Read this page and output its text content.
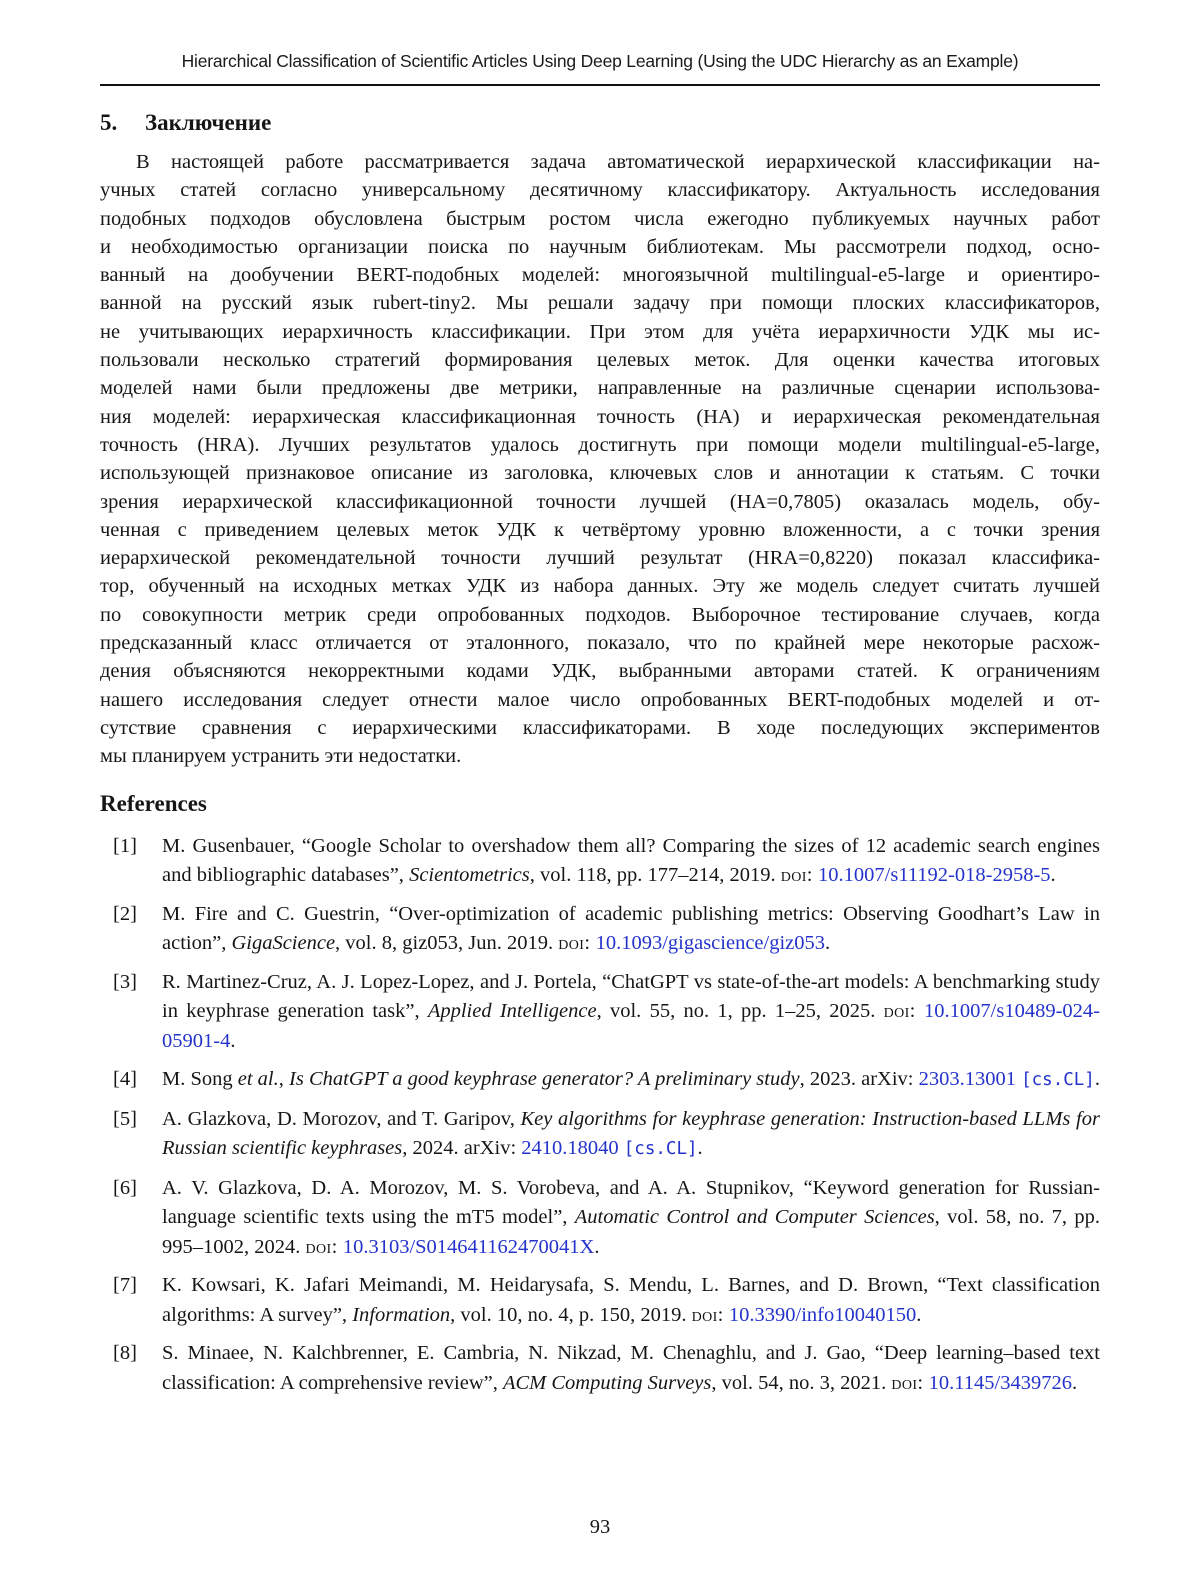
Hierarchical Classification of Scientific Articles Using Deep Learning (Using the UDC Hierarchy as an Example)
5. Заключение
В настоящей работе рассматривается задача автоматической иерархической классификации на-
учных статей согласно универсальному десятичному классификатору. Актуальность исследования
подобных подходов обусловлена быстрым ростом числа ежегодно публикуемых научных работ
и необходимостью организации поиска по научным библиотекам. Мы рассмотрели подход, осно-
ванный на дообучении BERT-подобных моделей: многоязычной multilingual-e5-large и ориентиро-
ванной на русский язык rubert-tiny2. Мы решали задачу при помощи плоских классификаторов,
не учитывающих иерархичность классификации. При этом для учёта иерархичности УДК мы ис-
пользовали несколько стратегий формирования целевых меток. Для оценки качества итоговых
моделей нами были предложены две метрики, направленные на различные сценарии использова-
ния моделей: иерархическая классификационная точность (HA) и иерархическая рекомендательная
точность (HRA). Лучших результатов удалось достигнуть при помощи модели multilingual-e5-large,
использующей признаковое описание из заголовка, ключевых слов и аннотации к статьям. С точки
зрения иерархической классификационной точности лучшей (HA=0,7805) оказалась модель, обу-
ченная с приведением целевых меток УДК к четвёртому уровню вложенности, а с точки зрения
иерархической рекомендательной точности лучший результат (HRA=0,8220) показал классифика-
тор, обученный на исходных метках УДК из набора данных. Эту же модель следует считать лучшей
по совокупности метрик среди опробованных подходов. Выборочное тестирование случаев, когда
предсказанный класс отличается от эталонного, показало, что по крайней мере некоторые расхож-
дения объясняются некорректными кодами УДК, выбранными авторами статей. К ограничениям
нашего исследования следует отнести малое число опробованных BERT-подобных моделей и от-
сутствие сравнения с иерархическими классификаторами. В ходе последующих экспериментов
мы планируем устранить эти недостатки.
References
[1] M. Gusenbauer, “Google Scholar to overshadow them all? Comparing the sizes of 12 academic search engines and bibliographic databases”, Scientometrics, vol. 118, pp. 177–214, 2019. doi: 10.1007/s11192-018-2958-5.
[2] M. Fire and C. Guestrin, “Over-optimization of academic publishing metrics: Observing Goodhart’s Law in action”, GigaScience, vol. 8, giz053, Jun. 2019. doi: 10.1093/gigascience/giz053.
[3] R. Martinez-Cruz, A. J. Lopez-Lopez, and J. Portela, “ChatGPT vs state-of-the-art models: A benchmarking study in keyphrase generation task”, Applied Intelligence, vol. 55, no. 1, pp. 1–25, 2025. doi: 10.1007/s10489-024-05901-4.
[4] M. Song et al., Is ChatGPT a good keyphrase generator? A preliminary study, 2023. arXiv: 2303.13001 [cs.CL].
[5] A. Glazkova, D. Morozov, and T. Garipov, Key algorithms for keyphrase generation: Instruction-based LLMs for Russian scientific keyphrases, 2024. arXiv: 2410.18040 [cs.CL].
[6] A. V. Glazkova, D. A. Morozov, M. S. Vorobeva, and A. A. Stupnikov, “Keyword generation for Russian-language scientific texts using the mT5 model”, Automatic Control and Computer Sciences, vol. 58, no. 7, pp. 995–1002, 2024. doi: 10.3103/S014641162470041X.
[7] K. Kowsari, K. Jafari Meimandi, M. Heidarysafa, S. Mendu, L. Barnes, and D. Brown, “Text classification algorithms: A survey”, Information, vol. 10, no. 4, p. 150, 2019. doi: 10.3390/info10040150.
[8] S. Minaee, N. Kalchbrenner, E. Cambria, N. Nikzad, M. Chenaghlu, and J. Gao, “Deep learning–based text classification: A comprehensive review”, ACM Computing Surveys, vol. 54, no. 3, 2021. doi: 10.1145/3439726.
93
